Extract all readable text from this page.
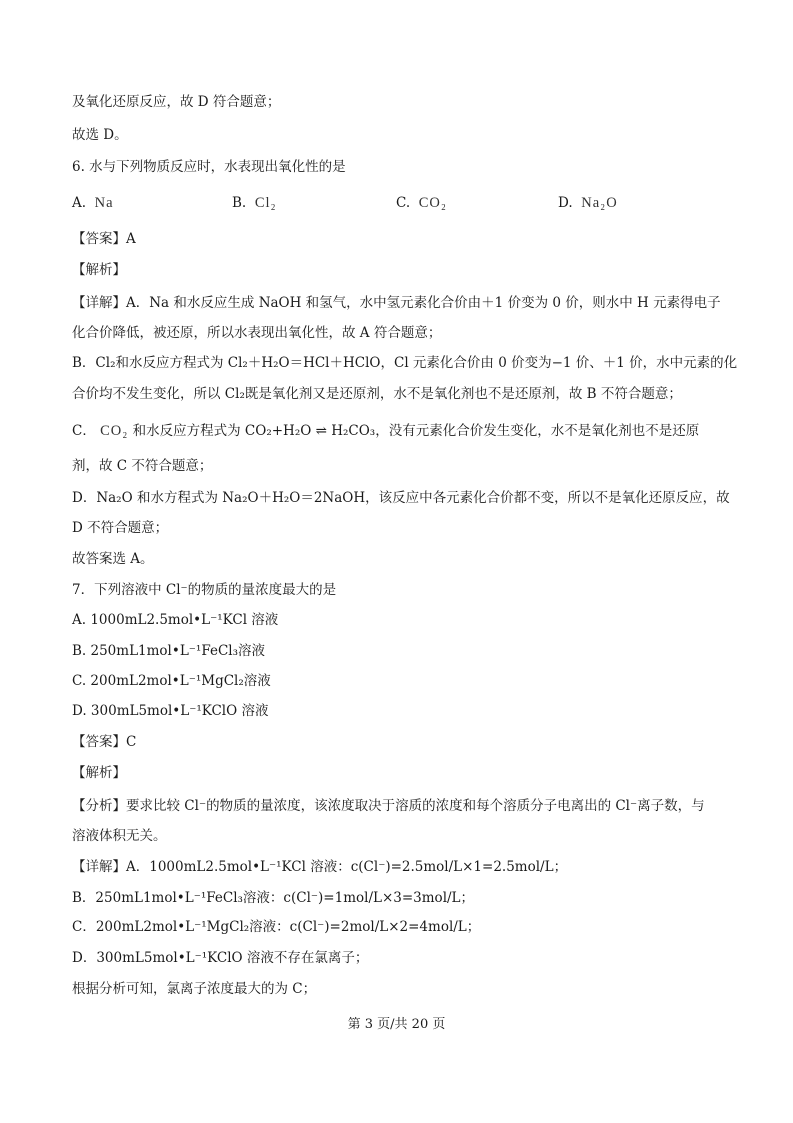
及氧化还原反应，故 D 符合题意；
故选 D。
6. 水与下列物质反应时，水表现出氧化性的是
A. Na	B. Cl₂	C. CO₂	D. Na₂O
【答案】A
【解析】
【详解】A．Na 和水反应生成 NaOH 和氢气，水中氢元素化合价由＋1 价变为 0 价，则水中 H 元素得电子
化合价降低，被还原，所以水表现出氧化性，故 A 符合题意；
B．Cl₂和水反应方程式为 Cl₂＋H₂O＝HCl＋HClO，Cl 元素化合价由 0 价变为−1 价、＋1 价，水中元素的化
合价均不发生变化，所以 Cl₂既是氧化剂又是还原剂，水不是氧化剂也不是还原剂，故 B 不符合题意；
C． CO₂ 和水反应方程式为 CO₂+H₂O ⇌ H₂CO₃，没有元素化合价发生变化，水不是氧化剂也不是还原
剂，故 C 不符合题意；
D．Na₂O 和水方程式为 Na₂O＋H₂O＝2NaOH，该反应中各元素化合价都不变，所以不是氧化还原反应，故
D 不符合题意；
故答案选 A。
7．下列溶液中 Cl⁻的物质的量浓度最大的是
A. 1000mL2.5mol•L⁻¹KCl 溶液
B. 250mL1mol•L⁻¹FeCl₃溶液
C. 200mL2mol•L⁻¹MgCl₂溶液
D. 300mL5mol•L⁻¹KClO 溶液
【答案】C
【解析】
【分析】要求比较 Cl⁻的物质的量浓度，该浓度取决于溶质的浓度和每个溶质分子电离出的 Cl⁻离子数，与
溶液体积无关。
【详解】A．1000mL2.5mol•L⁻¹KCl 溶液：c(Cl⁻)=2.5mol/L×1=2.5mol/L；
B．250mL1mol•L⁻¹FeCl₃溶液：c(Cl⁻)=1mol/L×3=3mol/L；
C．200mL2mol•L⁻¹MgCl₂溶液：c(Cl⁻)=2mol/L×2=4mol/L；
D．300mL5mol•L⁻¹KClO 溶液不存在氯离子；
根据分析可知，氯离子浓度最大的为 C；
第 3 页/共 20 页
